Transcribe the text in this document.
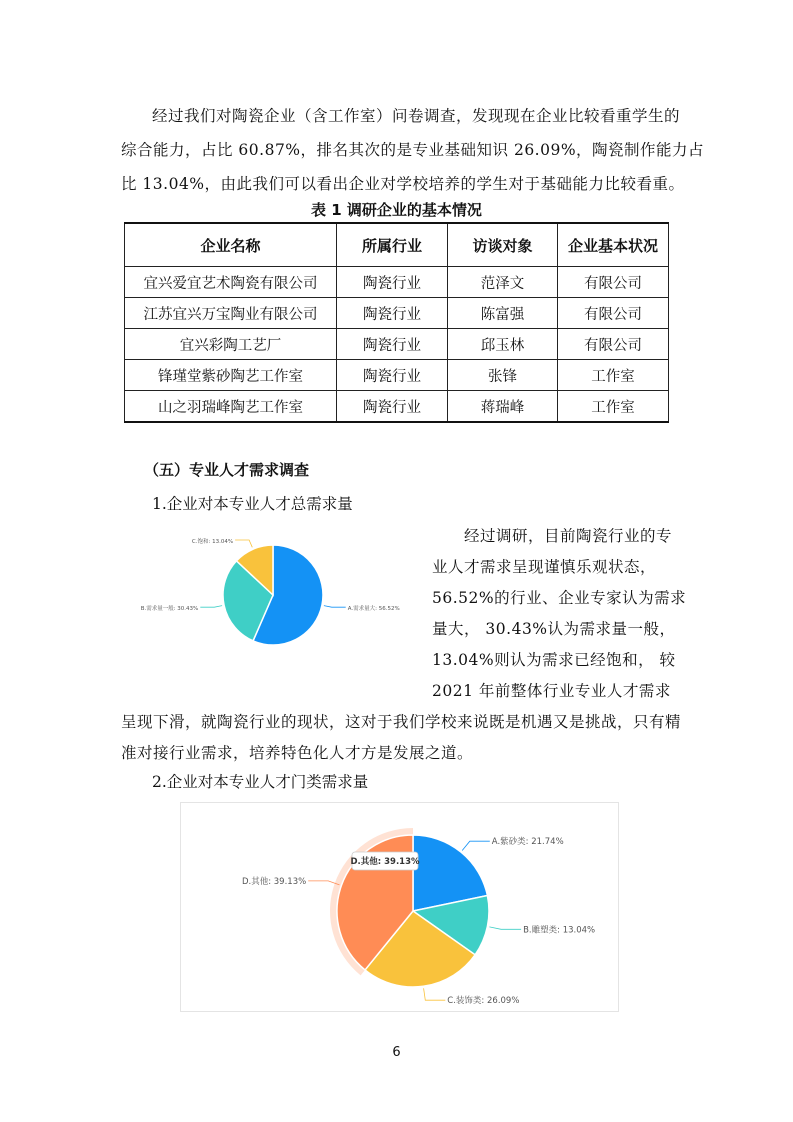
经过我们对陶瓷企业（含工作室）问卷调查，发现现在企业比较看重学生的
综合能力，占比 60.87%，排名其次的是专业基础知识 26.09%，陶瓷制作能力占
比 13.04%，由此我们可以看出企业对学校培养的学生对于基础能力比较看重。
表 1 调研企业的基本情况
企业名称	所属行业	访谈对象	企业基本状况
宜兴爱宜艺术陶瓷有限公司	陶瓷行业	范泽文	有限公司
江苏宜兴万宝陶业有限公司	陶瓷行业	陈富强	有限公司
宜兴彩陶工艺厂	陶瓷行业	邱玉林	有限公司
锋瑾堂紫砂陶艺工作室	陶瓷行业	张锋	工作室
山之羽瑞峰陶艺工作室	陶瓷行业	蒋瑞峰	工作室
（五）专业人才需求调查
1.企业对本专业人才总需求量
A.需求量大: 56.52%
B.需求量一般: 30.43%
C.饱和: 13.04%	经过调研，目前陶瓷行业的专
业人才需求呈现谨慎乐观状态，
56.52%的行业、企业专家认为需求
量大， 30.43%认为需求量一般，
13.04%则认为需求已经饱和， 较
2021 年前整体行业专业人才需求
呈现下滑，就陶瓷行业的现状，这对于我们学校来说既是机遇又是挑战，只有精
准对接行业需求，培养特色化人才方是发展之道。
2.企业对本专业人才门类需求量
A.紫砂类: 21.74%
B.雕塑类: 13.04%
C.装饰类: 26.09%
D.其他: 39.13%
D.其他: 39.13%
6
